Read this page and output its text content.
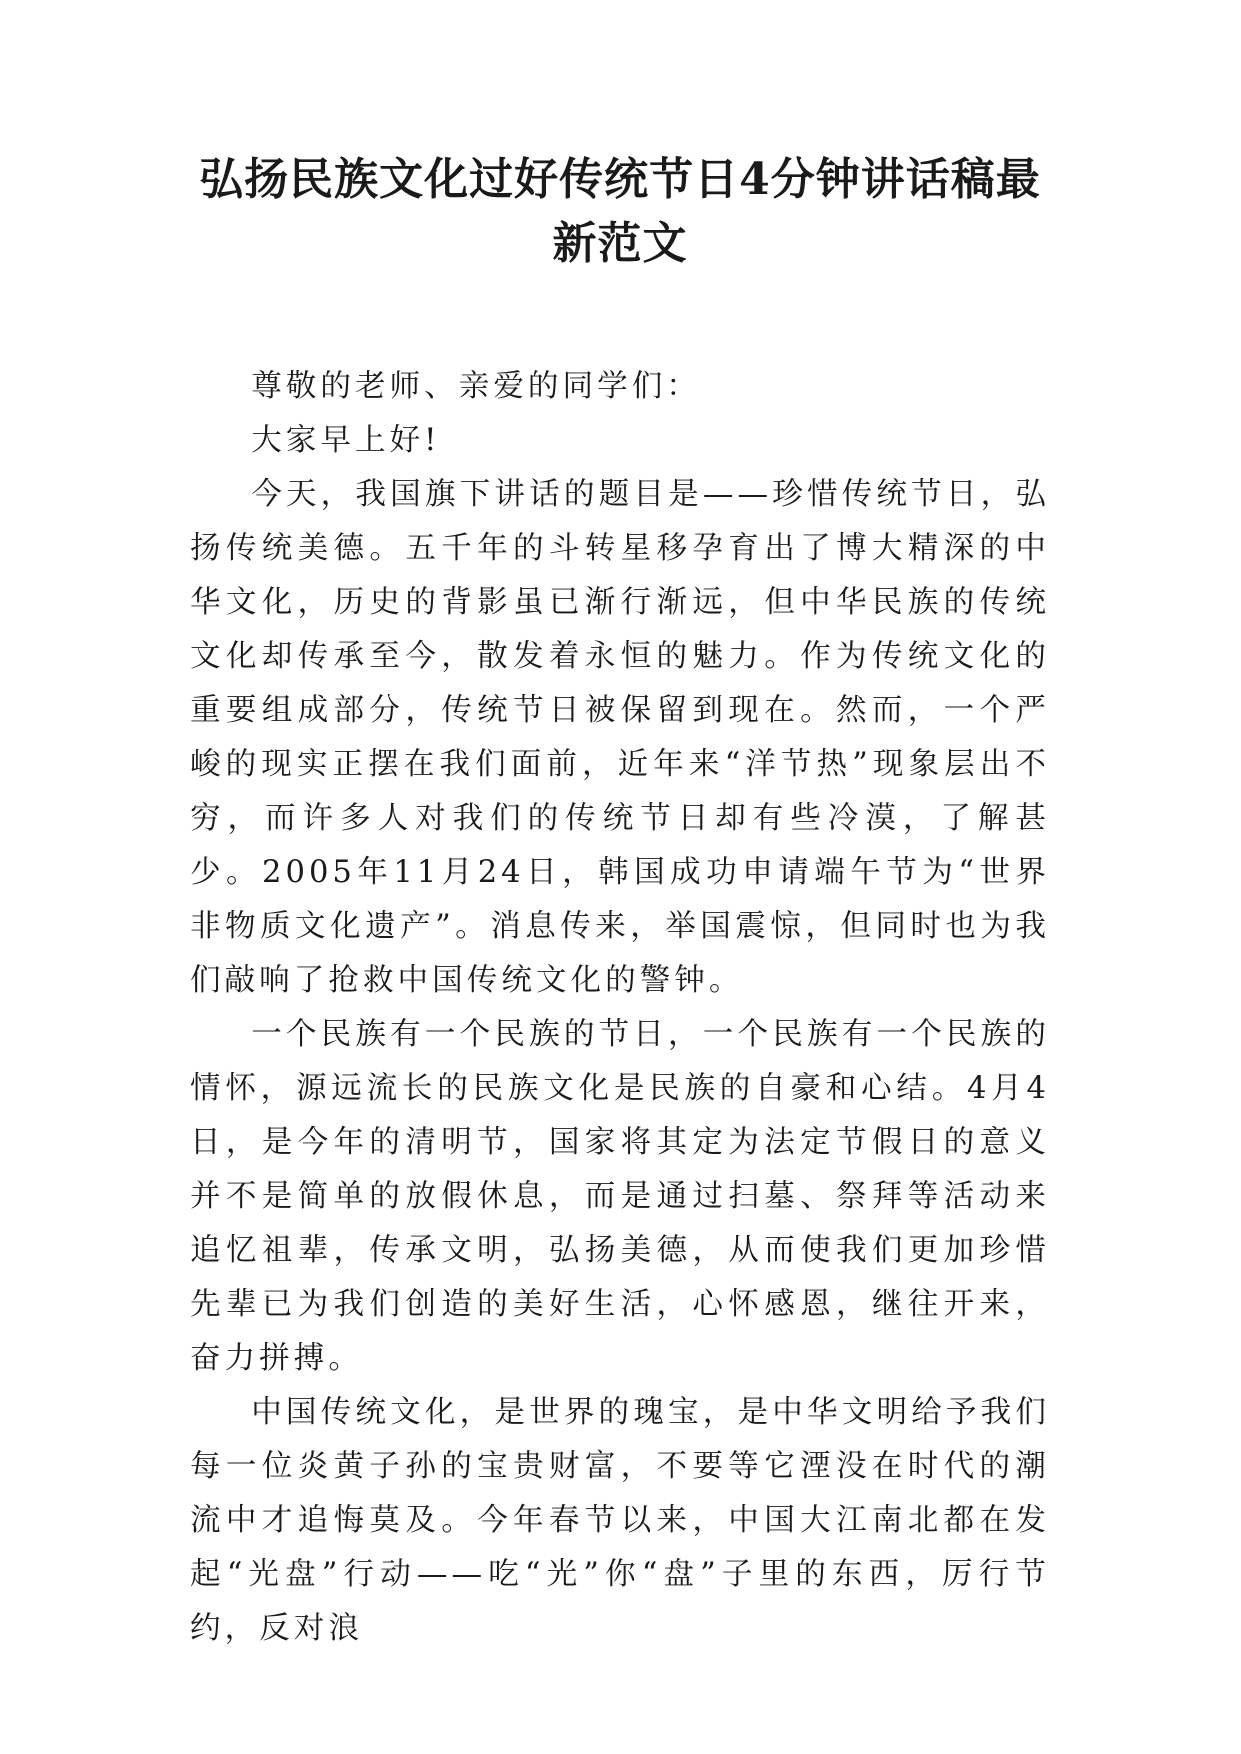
弘扬民族文化过好传统节日4分钟讲话稿最新范文

尊敬的老师、亲爱的同学们：

大家早上好!

今天，我国旗下讲话的题目是——珍惜传统节日，弘扬传统美德。五千年的斗转星移孕育出了博大精深的中华文化，历史的背影虽已渐行渐远，但中华民族的传统文化却传承至今，散发着永恒的魅力。作为传统文化的重要组成部分，传统节日被保留到现在。然而，一个严峻的现实正摆在我们面前，近年来“洋节热”现象层出不穷，而许多人对我们的传统节日却有些冷漠，了解甚少。2005年11月24日，韩国成功申请端午节为“世界非物质文化遗产”。消息传来，举国震惊，但同时也为我们敲响了抢救中国传统文化的警钟。

一个民族有一个民族的节日，一个民族有一个民族的情怀，源远流长的民族文化是民族的自豪和心结。4月4日，是今年的清明节，国家将其定为法定节假日的意义并不是简单的放假休息，而是通过扫墓、祭拜等活动来追忆祖辈，传承文明，弘扬美德，从而使我们更加珍惜先辈已为我们创造的美好生活，心怀感恩，继往开来，奋力拼搏。

中国传统文化，是世界的瑰宝，是中华文明给予我们每一位炎黄子孙的宝贵财富，不要等它湮没在时代的潮流中才追悔莫及。今年春节以来，中国大江南北都在发起“光盘”行动——吃“光”你“盘”子里的东西，厉行节约，反对浪
